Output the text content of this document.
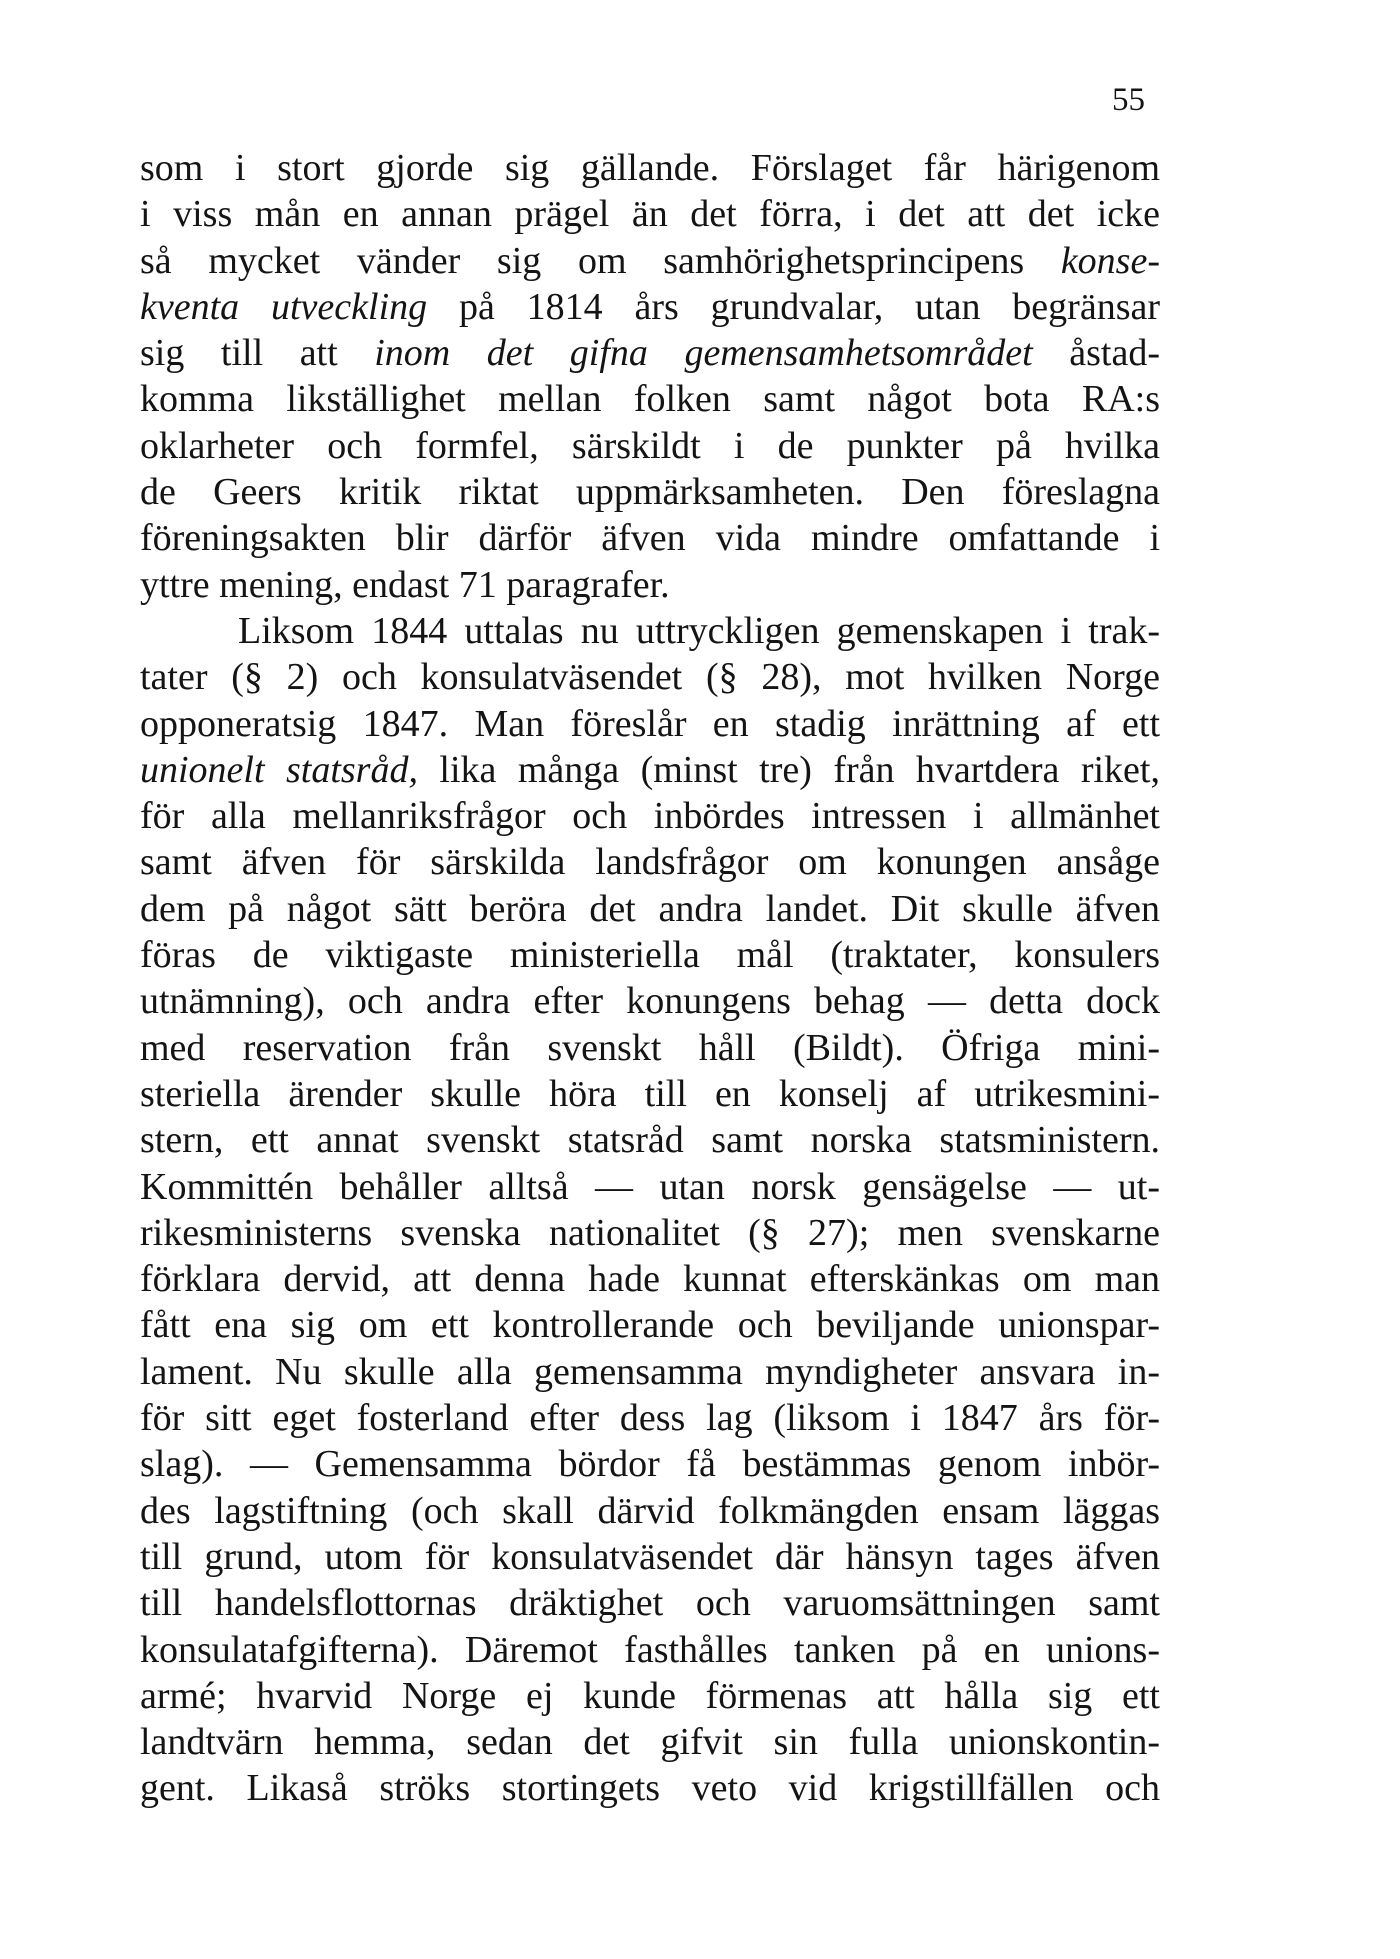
55
som i stort gjorde sig gällande. Förslaget får härigenom
i viss mån en annan prägel än det förra, i det att det icke
så mycket vänder sig om samhörighetsprincipens konse-
kventa utveckling på 1814 års grundvalar, utan begränsar
sig till att inom det gifna gemensamhetsområdet åstad-
komma likställighet mellan folken samt något bota RA:s
oklarheter och formfel, särskildt i de punkter på hvilka
de Geers kritik riktat uppmärksamheten. Den föreslagna
föreningsakten blir därför äfven vida mindre omfattande i
yttre mening, endast 71 paragrafer.
Liksom 1844 uttalas nu uttryckligen gemenskapen i trak-
tater (§ 2) och konsulatväsendet (§ 28), mot hvilken Norge
opponeratsig 1847. Man föreslår en stadig inrättning af ett
unionelt statsråd, lika många (minst tre) från hvartdera riket,
för alla mellanriksfrågor och inbördes intressen i allmänhet
samt äfven för särskilda landsfrågor om konungen ansåge
dem på något sätt beröra det andra landet. Dit skulle äfven
föras de viktigaste ministeriella mål (traktater, konsulers
utnämning), och andra efter konungens behag — detta dock
med reservation från svenskt håll (Bildt). Öfriga mini-
steriella ärender skulle höra till en konselj af utrikesmini-
stern, ett annat svenskt statsråd samt norska statsministern.
Kommittén behåller alltså — utan norsk gensägelse — ut-
rikesministerns svenska nationalitet (§ 27); men svenskarne
förklara dervid, att denna hade kunnat efterskänkas om man
fått ena sig om ett kontrollerande och beviljande unionspar-
lament. Nu skulle alla gemensamma myndigheter ansvara in-
för sitt eget fosterland efter dess lag (liksom i 1847 års för-
slag). — Gemensamma bördor få bestämmas genom inbör-
des lagstiftning (och skall därvid folkmängden ensam läggas
till grund, utom för konsulatväsendet där hänsyn tages äfven
till handelsflottornas dräktighet och varuomsättningen samt
konsulatafgifterna). Däremot fasthålles tanken på en unions-
armé; hvarvid Norge ej kunde förmenas att hålla sig ett
landtvärn hemma, sedan det gifvit sin fulla unionskontin-
gent. Likaså ströks stortingets veto vid krigstillfällen och
